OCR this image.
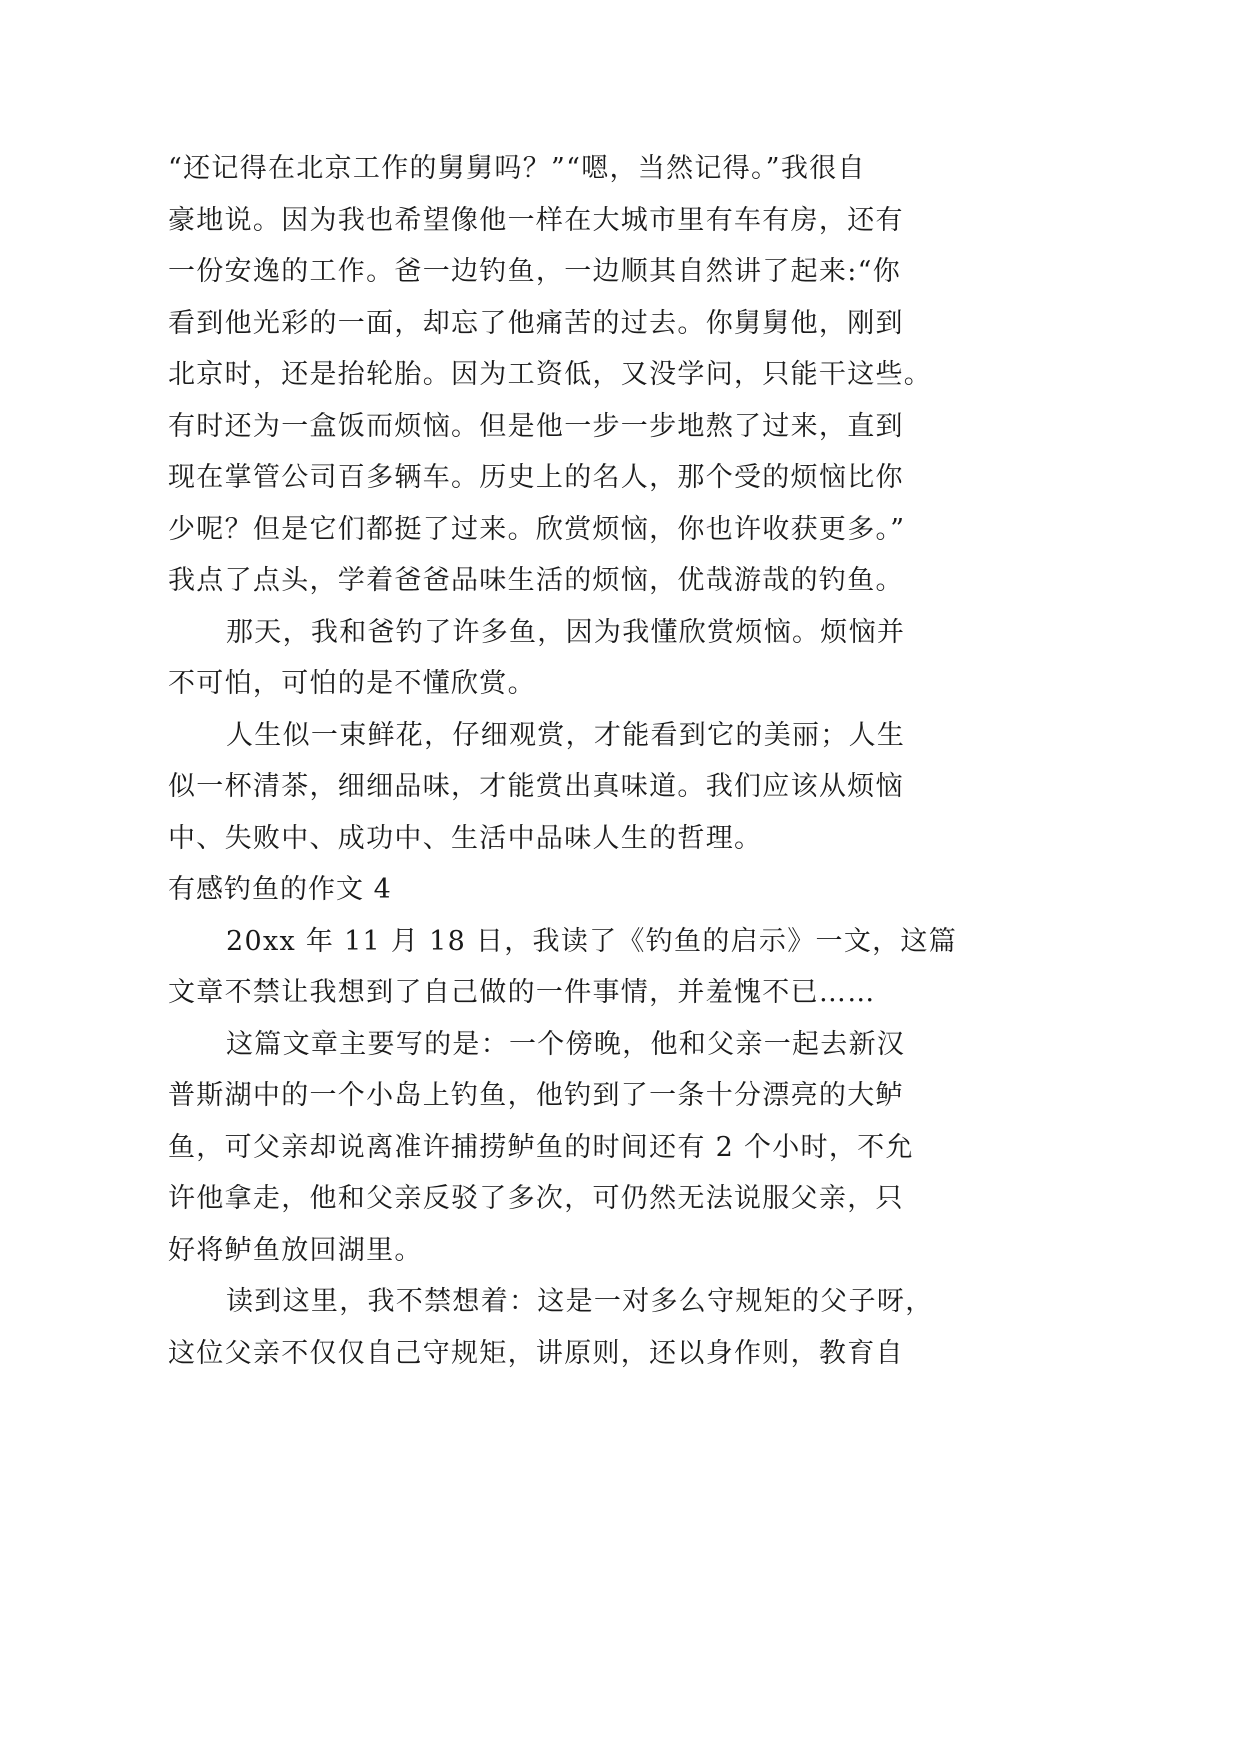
“还记得在北京工作的舅舅吗？”“嗯，当然记得。”我很自
豪地说。因为我也希望像他一样在大城市里有车有房，还有
一份安逸的工作。爸一边钓鱼，一边顺其自然讲了起来:“你
看到他光彩的一面，却忘了他痛苦的过去。你舅舅他，刚到
北京时，还是抬轮胎。因为工资低，又没学问，只能干这些。
有时还为一盒饭而烦恼。但是他一步一步地熬了过来，直到
现在掌管公司百多辆车。历史上的名人，那个受的烦恼比你
少呢？但是它们都挺了过来。欣赏烦恼，你也许收获更多。”
我点了点头，学着爸爸品味生活的烦恼，优哉游哉的钓鱼。
那天，我和爸钓了许多鱼，因为我懂欣赏烦恼。烦恼并
不可怕，可怕的是不懂欣赏。
人生似一束鲜花，仔细观赏，才能看到它的美丽；人生
似一杯清茶，细细品味，才能赏出真味道。我们应该从烦恼
中、失败中、成功中、生活中品味人生的哲理。
有感钓鱼的作文 4
20xx 年 11 月 18 日，我读了《钓鱼的启示》一文，这篇
文章不禁让我想到了自己做的一件事情，并羞愧不已……
这篇文章主要写的是：一个傍晚，他和父亲一起去新汉
普斯湖中的一个小岛上钓鱼，他钓到了一条十分漂亮的大鲈
鱼，可父亲却说离准许捕捞鲈鱼的时间还有 2 个小时，不允
许他拿走，他和父亲反驳了多次，可仍然无法说服父亲，只
好将鲈鱼放回湖里。
读到这里，我不禁想着：这是一对多么守规矩的父子呀，
这位父亲不仅仅自己守规矩，讲原则，还以身作则，教育自
